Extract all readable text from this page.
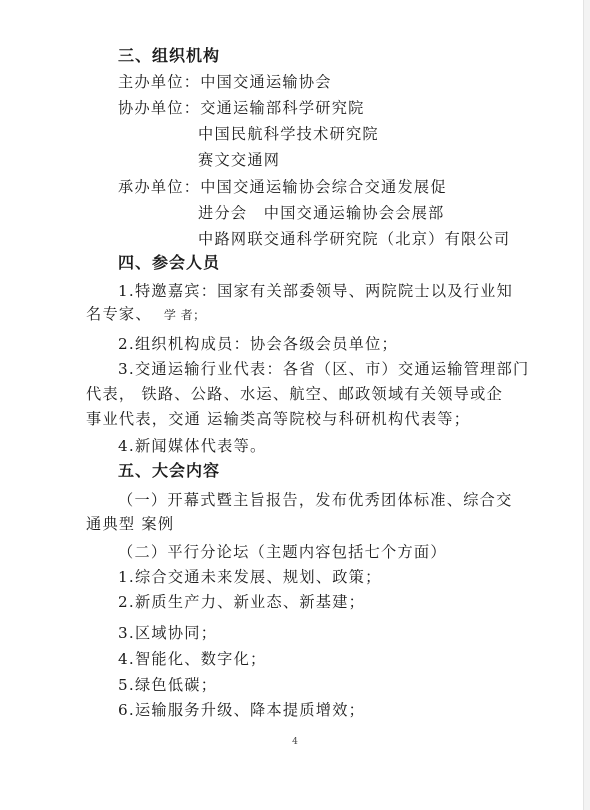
三、组织机构
主办单位：中国交通运输协会
协办单位：交通运输部科学研究院
中国民航科学技术研究院
赛文交通网
承办单位：中国交通运输协会综合交通发展促
进分会　中国交通运输协会会展部
中路网联交通科学研究院（北京）有限公司
四、参会人员
1.特邀嘉宾：国家有关部委领导、两院院士以及行业知
名专家、 学 者；
2.组织机构成员：协会各级会员单位；
3.交通运输行业代表：各省（区、市）交通运输管理部门
代表， 铁路、公路、水运、航空、邮政领域有关领导或企
事业代表，交通 运输类高等院校与科研机构代表等；
4.新闻媒体代表等。
五、大会内容
（一）开幕式暨主旨报告，发布优秀团体标准、综合交
通典型 案例
（二）平行分论坛（主题内容包括七个方面）
1.综合交通未来发展、规划、政策；
2.新质生产力、新业态、新基建；
3.区域协同；
4.智能化、数字化；
5.绿色低碳；
6.运输服务升级、降本提质增效；
4
